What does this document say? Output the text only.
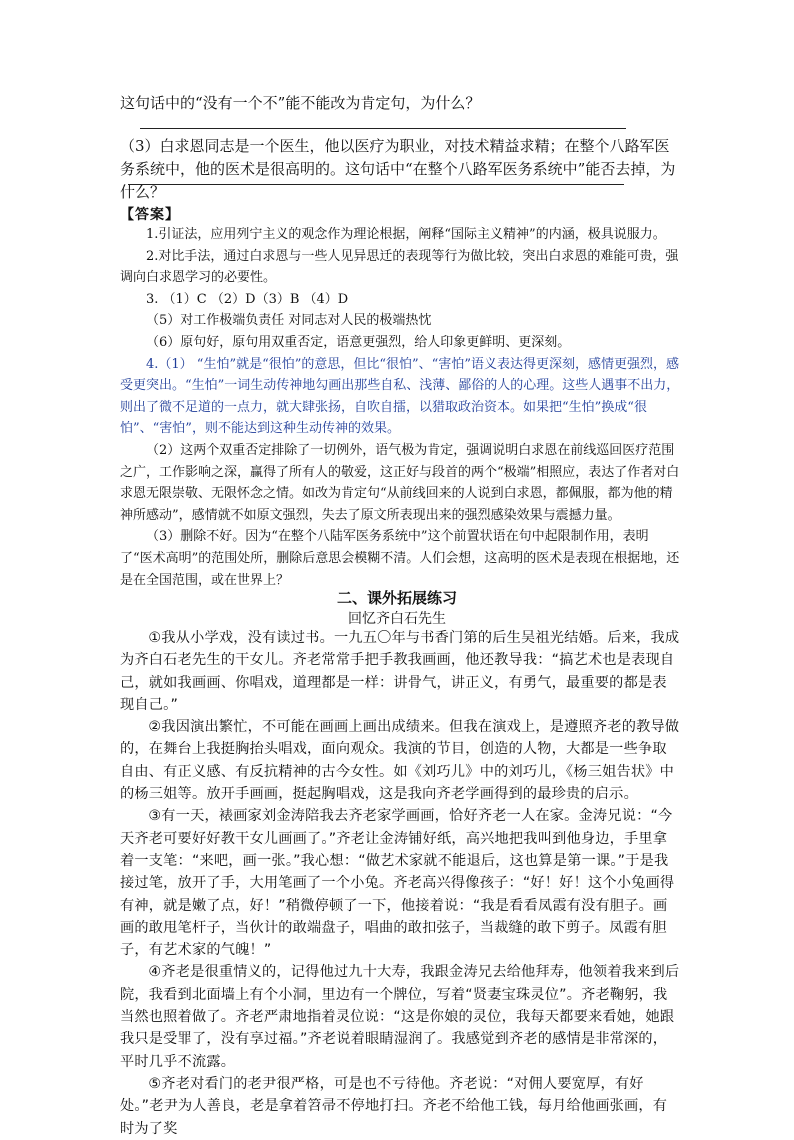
这句话中的“没有一个不”能不能改为肯定句，为什么？
（3）白求恩同志是一个医生，他以医疗为职业，对技术精益求精；在整个八路军医务系统中，他的医术是很高明的。这句话中“在整个八路军医务系统中”能否去掉，为什么？
【答案】

1.引证法，应用列宁主义的观念作为理论根据，阐释“国际主义精神”的内涵，极具说服力。

2.对比手法，通过白求恩与一些人见异思迁的表现等行为做比较，突出白求恩的难能可贵，强调向白求恩学习的必要性。

3. （1）C （2）D（3）B （4）D

（5）对工作极端负责任 对同志对人民的极端热忱

（6）原句好，原句用双重否定，语意更强烈，给人印象更鲜明、更深刻。

4.（1） “生怕”就是“很怕”的意思，但比“很怕”、“害怕”语义表达得更深刻，感情更强烈，感受更突出。“生怕”一词生动传神地勾画出那些自私、浅薄、鄙俗的人的心理。这些人遇事不出力，则出了微不足道的一点力，就大肆张扬，自吹自擂，以猎取政治资本。如果把“生怕”换成“很怕”、“害怕”，则不能达到这种生动传神的效果。

（2）这两个双重否定排除了一切例外，语气极为肯定，强调说明白求恩在前线巡回医疗范围之广，工作影响之深，赢得了所有人的敬爱，这正好与段首的两个“极端”相照应，表达了作者对白求恩无限崇敬、无限怀念之情。如改为肯定句“从前线回来的人说到白求恩，都佩服，都为他的精神所感动”，感情就不如原文强烈，失去了原文所表现出来的强烈感染效果与震撼力量。

（3）删除不好。因为“在整个八陆军医务系统中”这个前置状语在句中起限制作用，表明了“医术高明”的范围处所，删除后意思会模糊不清。人们会想，这高明的医术是表现在根据地，还是在全国范围，或在世界上？

二、课外拓展练习
回忆齐白石先生

①我从小学戏，没有读过书。一九五〇年与书香门第的后生吴祖光结婚。后来，我成为齐白石老先生的干女儿。齐老常常手把手教我画画，他还教导我：“搞艺术也是表现自己，就如我画画、你唱戏，道理都是一样：讲骨气，讲正义，有勇气，最重要的都是表现自己。”

②我因演出繁忙，不可能在画画上画出成绩来。但我在演戏上，是遵照齐老的教导做的，在舞台上我挺胸抬头唱戏，面向观众。我演的节目，创造的人物，大都是一些争取自由、有正义感、有反抗精神的古今女性。如《刘巧儿》中的刘巧儿，《杨三姐告状》中的杨三姐等。放开手画画，挺起胸唱戏，这是我向齐老学画得到的最珍贵的启示。

③有一天，裱画家刘金涛陪我去齐老家学画画，恰好齐老一人在家。金涛兄说：“今天齐老可要好好教干女儿画画了。”齐老让金涛铺好纸，高兴地把我叫到他身边，手里拿着一支笔：“来吧，画一张。”我心想：“做艺术家就不能退后，这也算是第一课。”于是我接过笔，放开了手，大用笔画了一个小兔。齐老高兴得像孩子：“好！好！这个小兔画得有神，就是嫩了点，好！”稍微停顿了一下，他接着说：“我是看看凤霞有没有胆子。画画的敢甩笔杆子，当伙计的敢端盘子，唱曲的敢扣弦子，当裁缝的敢下剪子。凤霞有胆子，有艺术家的气魄！”

④齐老是很重情义的，记得他过九十大寿，我跟金涛兄去给他拜寿，他领着我来到后院，我看到北面墙上有个小洞，里边有一个牌位，写着“贤妻宝珠灵位”。齐老鞠躬，我当然也照着做了。齐老严肃地指着灵位说：“这是你娘的灵位，我每天都要来看她，她跟我只是受罪了，没有享过福。”齐老说着眼睛湿润了。我感觉到齐老的感情是非常深的，平时几乎不流露。

⑤齐老对看门的老尹很严格，可是也不亏待他。齐老说：“对佣人要宽厚，有好处。”老尹为人善良，老是拿着笤帚不停地打扫。齐老不给他工钱，每月给他画张画，有时为了奖
